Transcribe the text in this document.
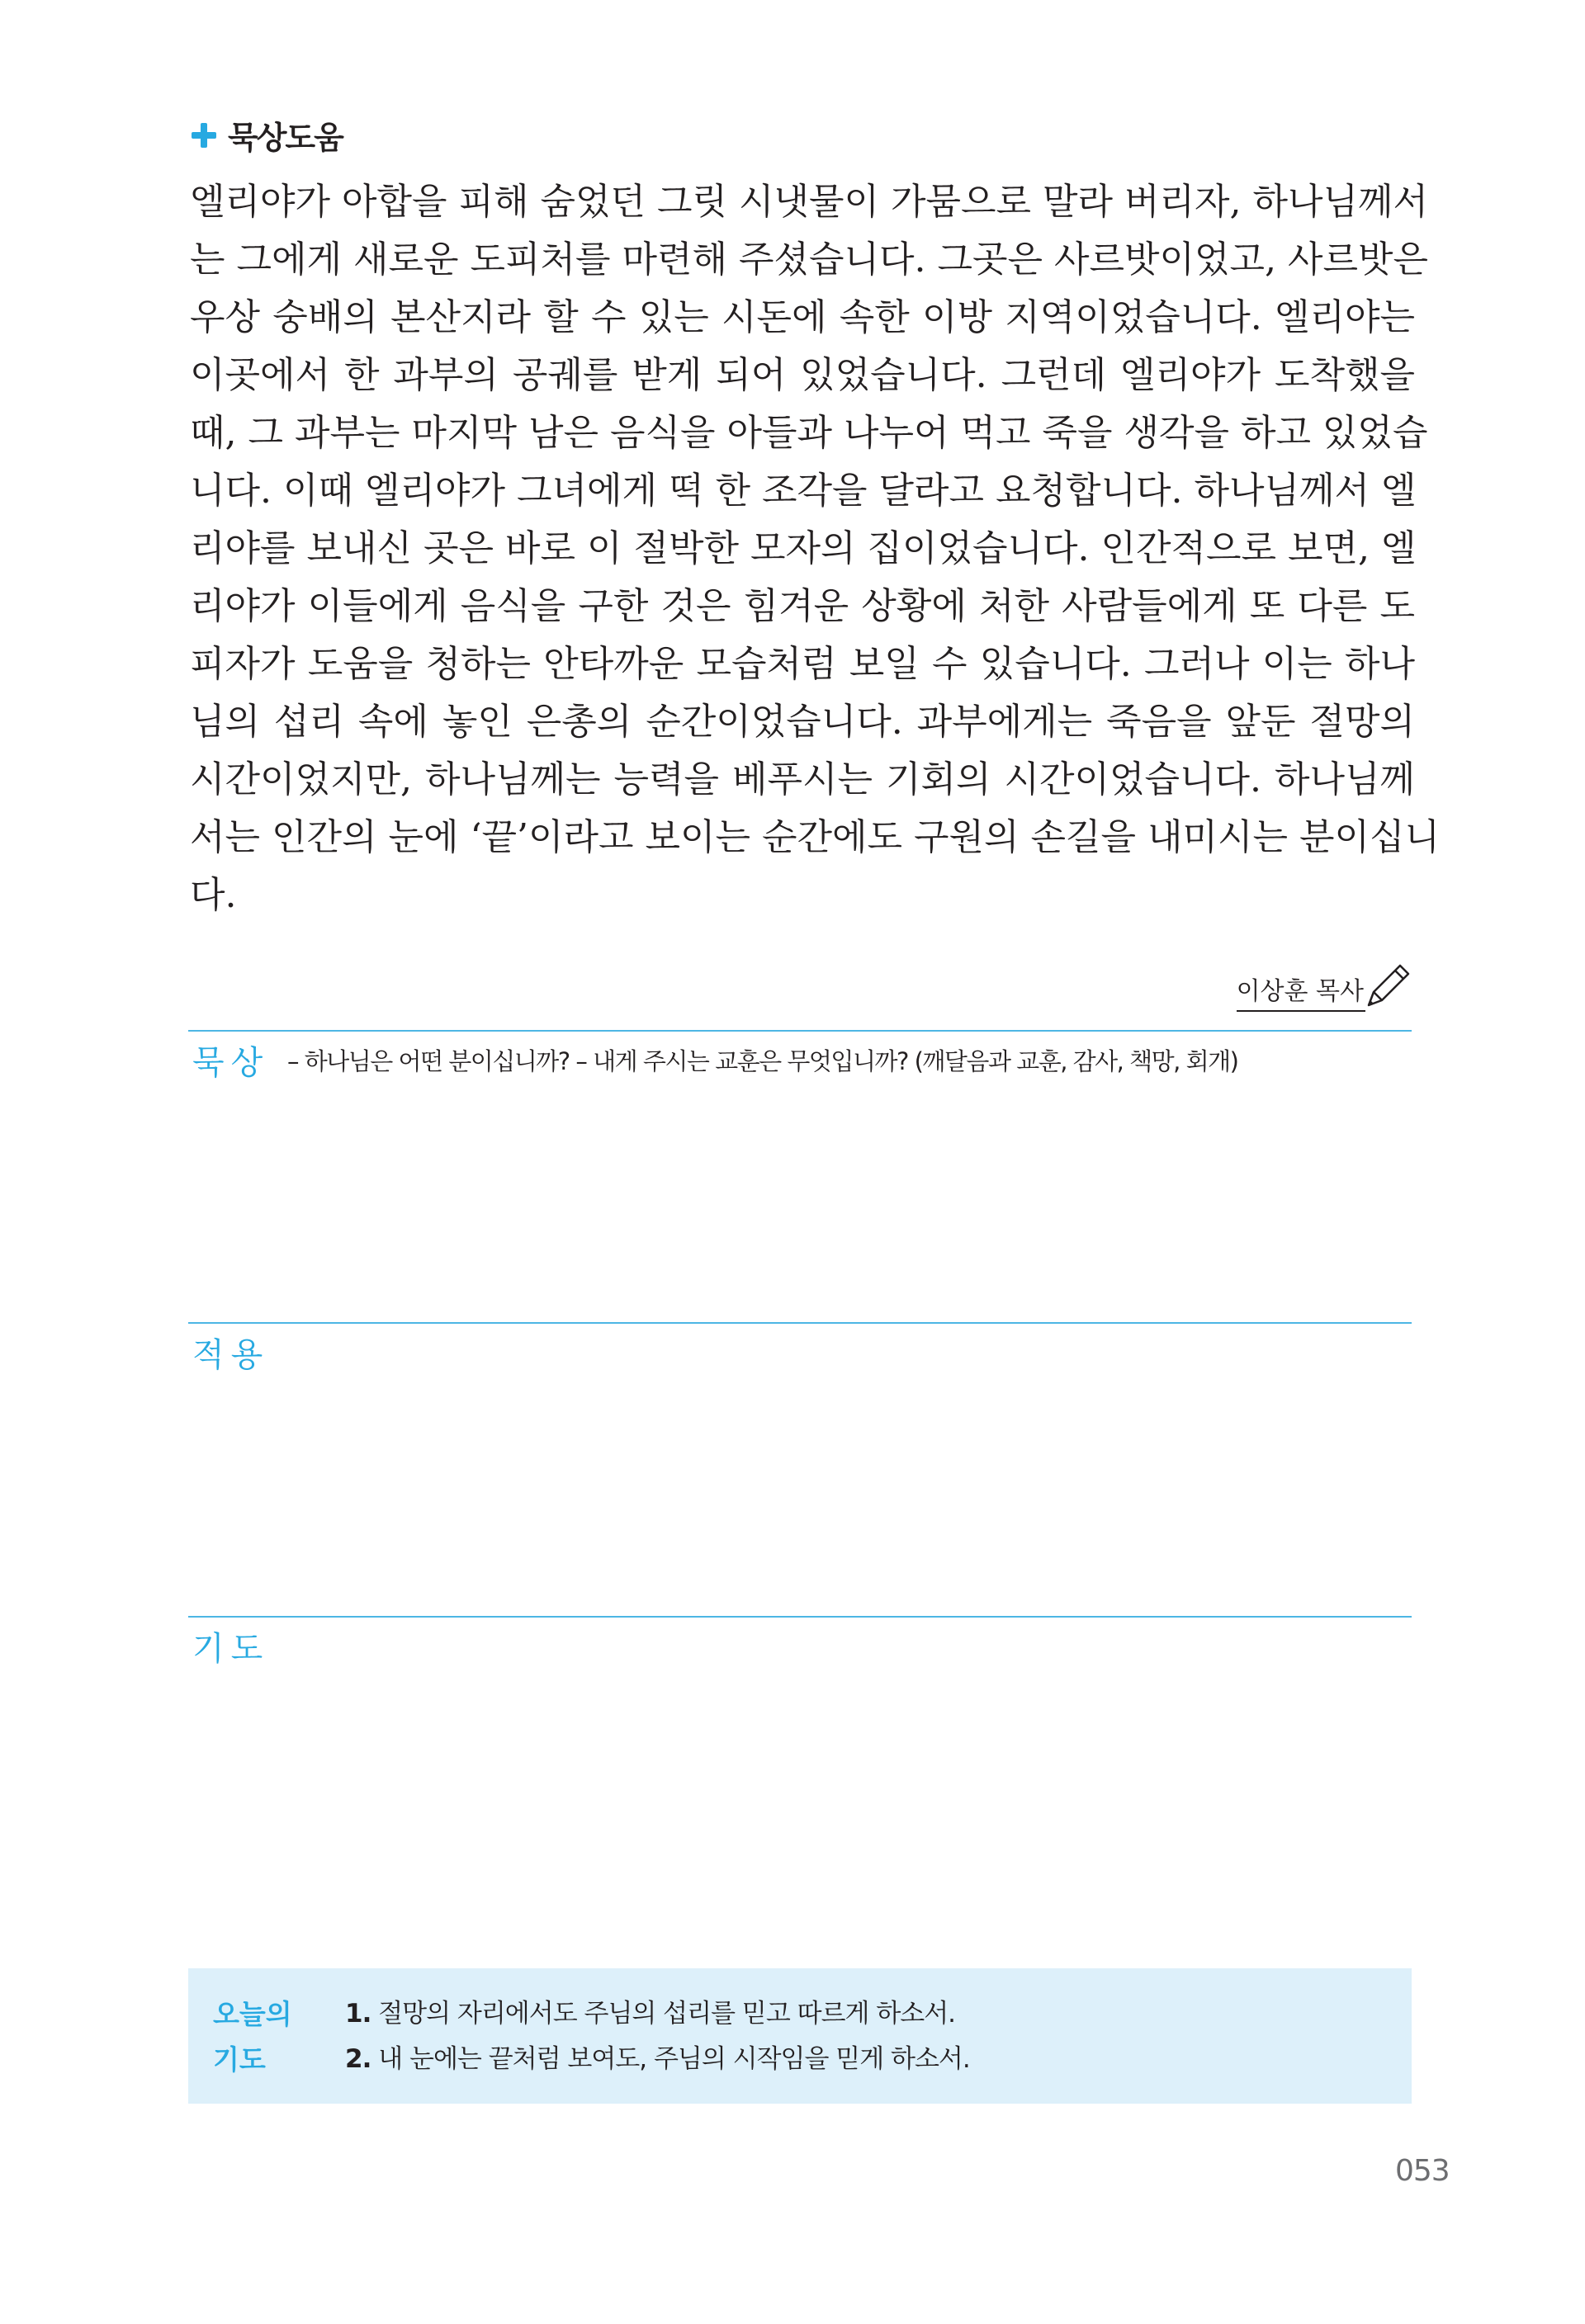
묵상도움
엘리야가 아합을 피해 숨었던 그릿 시냇물이 가뭄으로 말라 버리자, 하나님께서
는 그에게 새로운 도피처를 마련해 주셨습니다. 그곳은 사르밧이었고, 사르밧은
우상 숭배의 본산지라 할 수 있는 시돈에 속한 이방 지역이었습니다. 엘리야는
이곳에서 한 과부의 공궤를 받게 되어 있었습니다. 그런데 엘리야가 도착했을
때, 그 과부는 마지막 남은 음식을 아들과 나누어 먹고 죽을 생각을 하고 있었습
니다. 이때 엘리야가 그녀에게 떡 한 조각을 달라고 요청합니다. 하나님께서 엘
리야를 보내신 곳은 바로 이 절박한 모자의 집이었습니다. 인간적으로 보면, 엘
리야가 이들에게 음식을 구한 것은 힘겨운 상황에 처한 사람들에게 또 다른 도
피자가 도움을 청하는 안타까운 모습처럼 보일 수 있습니다. 그러나 이는 하나
님의 섭리 속에 놓인 은총의 순간이었습니다. 과부에게는 죽음을 앞둔 절망의
시간이었지만, 하나님께는 능력을 베푸시는 기회의 시간이었습니다. 하나님께
서는 인간의 눈에 ‘끝’이라고 보이는 순간에도 구원의 손길을 내미시는 분이십니
다.
이상훈 목사
묵상 – 하나님은 어떤 분이십니까? – 내게 주시는 교훈은 무엇입니까? (깨달음과 교훈, 감사, 책망, 회개)
적용
기도
오늘의
기도
1. 절망의 자리에서도 주님의 섭리를 믿고 따르게 하소서.
2. 내 눈에는 끝처럼 보여도, 주님의 시작임을 믿게 하소서.
053
